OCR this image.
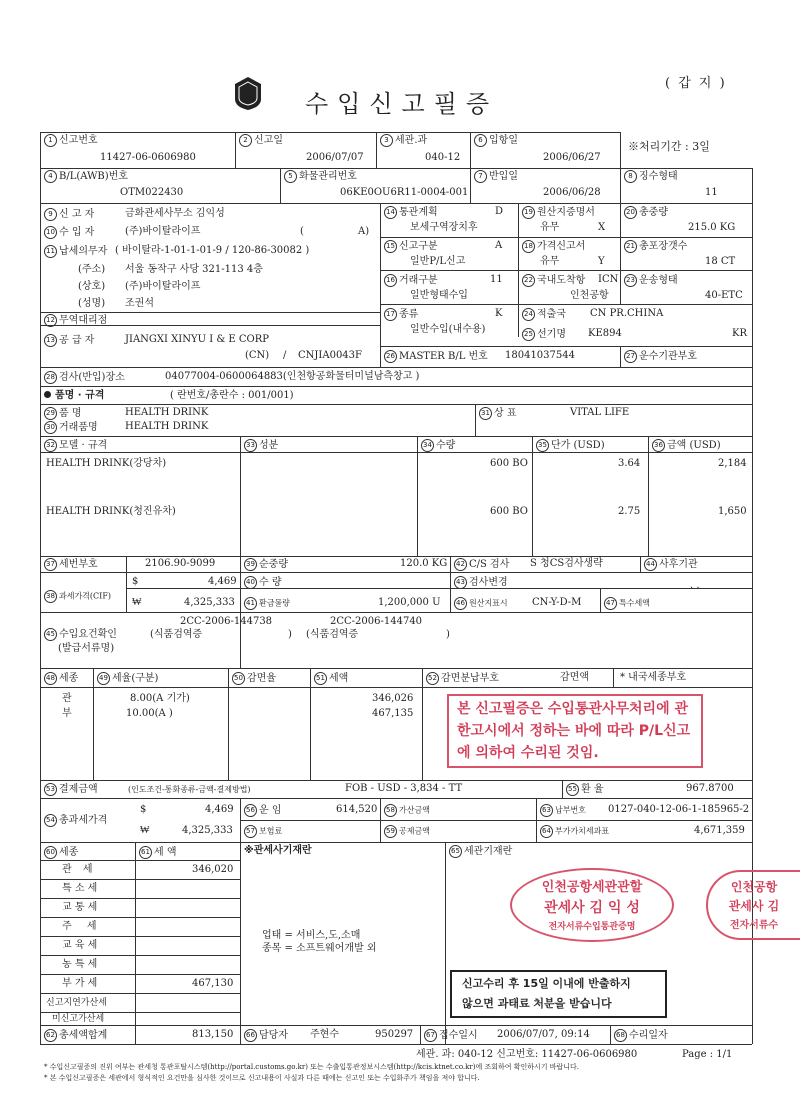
관세청 KOREA CUSTOMS SERVICE	수입신고필증
( 갑 지 )
1 신고번호
11427-06-0606980
2 신고일
2006/07/07
3 세관.과
040-12
6 입항일
2006/06/27
※처리기간 : 3일
4 B/L(AWB)번호
OTM022430
5 화물관리번호
06KE0OU6R11-0004-001
7 반입일
2006/06/28
8 징수형태
11
9 신 고 자	금화관세사무소 김익성
10 수 입 자	(주)바이탈라이프	(	A)
11 납세의무자 ( 바이탈라-1-01-1-01-9 / 120-86-30082 )
(주소) 서울 동작구 사당 321-113 4층
(상호) (주)바이탈라이프
(성명) 조권석
12 무역대리점
13 공 급 자	JIANGXI XINYU I & E CORP
(CN) / CNJIA0043F
14 통관계획	D
보세구역장치후
19 원산지증명서
유무	X
20 총중량
215.0 KG
15 신고구분	A
일반P/L신고
18 가격신고서
유무	Y
21 총포장갯수
18 CT
16 거래구분	11
일반형태수입
22 국내도착항 ICN
인천공항
23 운송형태
40-ETC
17 종류	K
일반수입(내수용)
24 적출국 CN PR.CHINA
25 선기명 KE894	KR
26 MASTER B/L 번호 18041037544	27 운수기관부호
28 검사(반입)장소	04077004-0600064883(인천항공화물터미널남측창고 )
품명 · 규격	( 란번호/총란수 : 001/001)
29 품 명	HEALTH DRINK
30 거래품명	HEALTH DRINK
31 상 표	VITAL LIFE
32 모델 · 규격	33 성분	34 수량	35 단가 (USD)	36 금액 (USD)
HEALTH DRINK(강당차)	600 BO	3.64	2,184
HEALTH DRINK(청진유차)	600 BO	2.75	1,650
37 세번부호	2106.90-9099	39 순중량	120.0 KG 42 C/S 검사 S 청CS검사생략	44 사후기관
. .
38 과세가격(CIF)
$	4,469
₩	4,325,333
40 수 량
41 환급물량	1,200,000 U
43 검사변경
46 원산지표시 CN-Y-D-M	47 특수세액
45 수입요건확인
(발급서류명)
2CC-2006-144738
(식품검역증	)
2CC-2006-144740
(식품검역증	)
48 세종	49 세율(구분)	50 감면율	51 세액	52 감면분납부호	감면액	* 내국세종부호
관	8.00(A 기가)	346,026
부	10.00(A )	467,135	본 신고필증은 수입통관사무처리에 관한고시에서 정하는 바에 따라 P/L신고에 의하여 수리된 것임.
53 결제금액	(인도조건-통화종류-금액-결제방법)	FOB - USD - 3,834 - TT	55 환 율	967.8700
54 총과세가격
$	4,469
₩	4,325,333
56 운 임	614,520
57 보험료
58 가산금액
59 공제금액
63 납부번호 0127-040-12-06-1-185965-2
64 부가가치세과표	4,671,359
60 세종	61 세 액
관 세	346,020
특 소 세
교 통 세
주 세
교 육 세
농 특 세
부 가 세	467,130
신고지연가산세
미신고가산세
※관세사기재란
업태 = 서비스,도,소매
종목 = 소프트웨어개발 외
65 세관기재란
인천공항세관관할
관세사 김 익 성
전자서류수입통관증명
인천공항
관세사 김
전자서류수
신고수리 후 15일 이내에 반출하지
않으면 과태료 처분을 받습니다
62 총세액합계	813,150 66 담당자 주현수	950297 67 접수일시 2006/07/07, 09:14	68 수리일자
세관. 과: 040-12 신고번호: 11427-06-0606980	Page : 1/1
* 수입신고필증의 진위 여부는 관세청 통관포탈시스템(http://portal.customs.go.kr) 또는 수출입통관정보시스템(http://kcis.ktnet.co.kr)에 조회하여 확인하시기 바랍니다.
* 본 수입신고필증은 세관에서 형식적인 요건만을 심사한 것이므로 신고내용이 사실과 다른 때에는 신고인 또는 수입화주가 책임을 져야 합니다.
